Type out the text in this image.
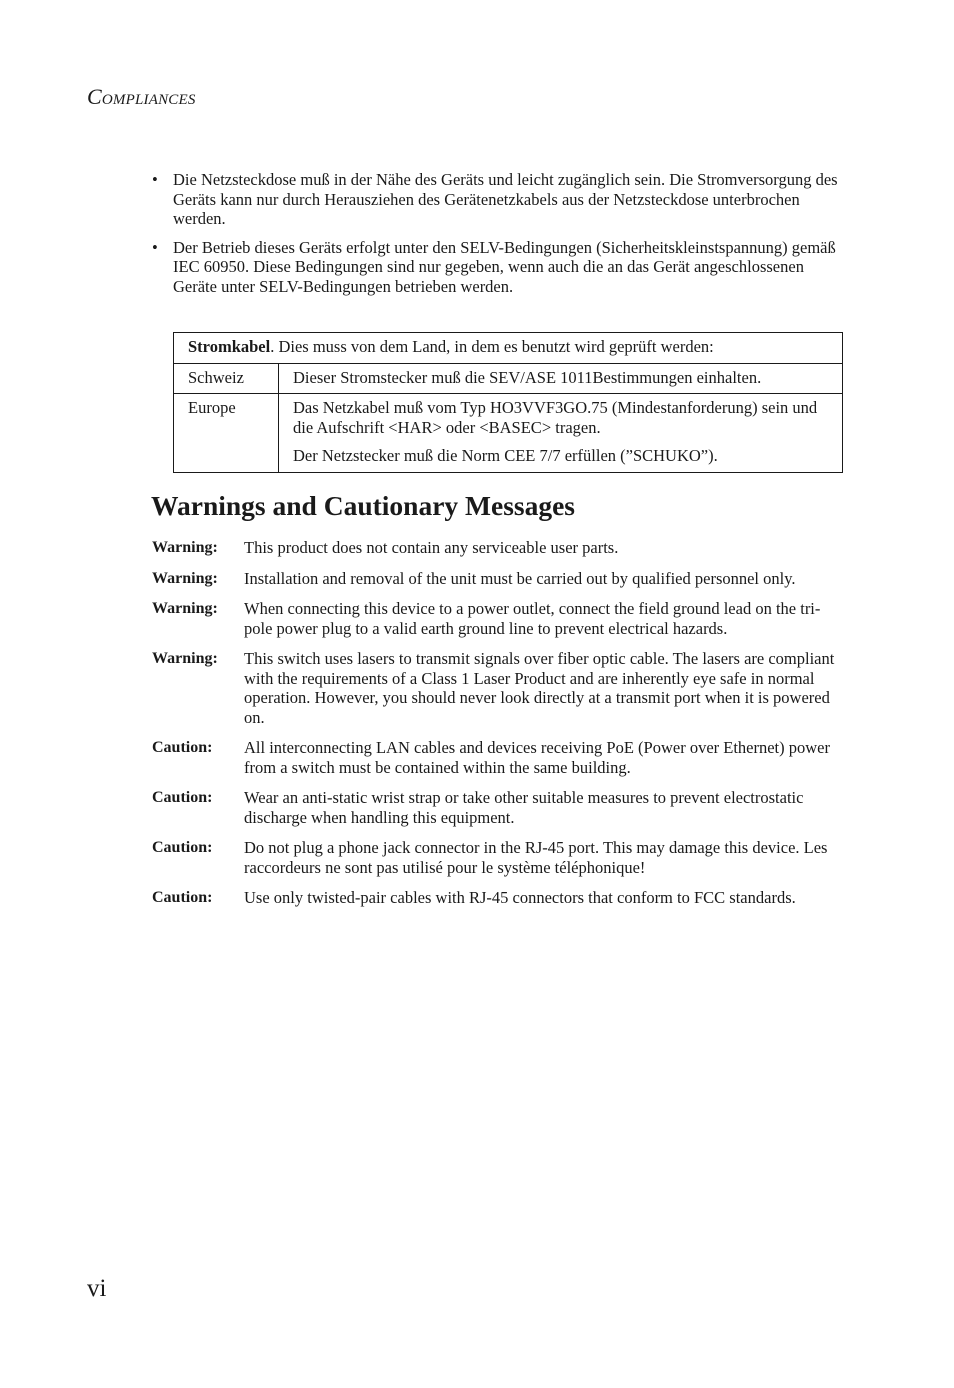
Compliances
• Die Netzsteckdose muß in der Nähe des Geräts und leicht zugänglich sein. Die Stromversorgung des Geräts kann nur durch Herausziehen des Gerätenetzkabels aus der Netzsteckdose unterbrochen werden.
• Der Betrieb dieses Geräts erfolgt unter den SELV-Bedingungen (Sicherheitskleinstspannung) gemäß IEC 60950. Diese Bedingungen sind nur gegeben, wenn auch die an das Gerät angeschlossenen Geräte unter SELV-Bedingungen betrieben werden.
Stromkabel. Dies muss von dem Land, in dem es benutzt wird geprüft werden:	
Schweiz	Dieser Stromstecker muß die SEV/ASE 1011Bestimmungen einhalten.

Europe	Das Netzkabel muß vom Typ HO3VVF3GO.75 (Mindestanforderung) sein und die Aufschrift <HAR> oder <BASEC> tragen.

Der Netzstecker muß die Norm CEE 7/7 erfüllen (”SCHUKO”).

Warnings and Cautionary Messages
Warning:	This product does not contain any serviceable user parts.
Warning:	Installation and removal of the unit must be carried out by qualified personnel only.
Warning:	When connecting this device to a power outlet, connect the field ground lead on the tri-pole power plug to a valid earth ground line to prevent electrical hazards.
Warning:	This switch uses lasers to transmit signals over fiber optic cable. The lasers are compliant with the requirements of a Class 1 Laser Product and are inherently eye safe in normal operation. However, you should never look directly at a transmit port when it is powered on.
Caution:	All interconnecting LAN cables and devices receiving PoE (Power over Ethernet) power from a switch must be contained within the same building.
Caution:	Wear an anti-static wrist strap or take other suitable measures to prevent electrostatic discharge when handling this equipment.
Caution:	Do not plug a phone jack connector in the RJ-45 port. This may damage this device. Les raccordeurs ne sont pas utilisé pour le système téléphonique!
Caution:	Use only twisted-pair cables with RJ-45 connectors that conform to FCC standards.
vi
